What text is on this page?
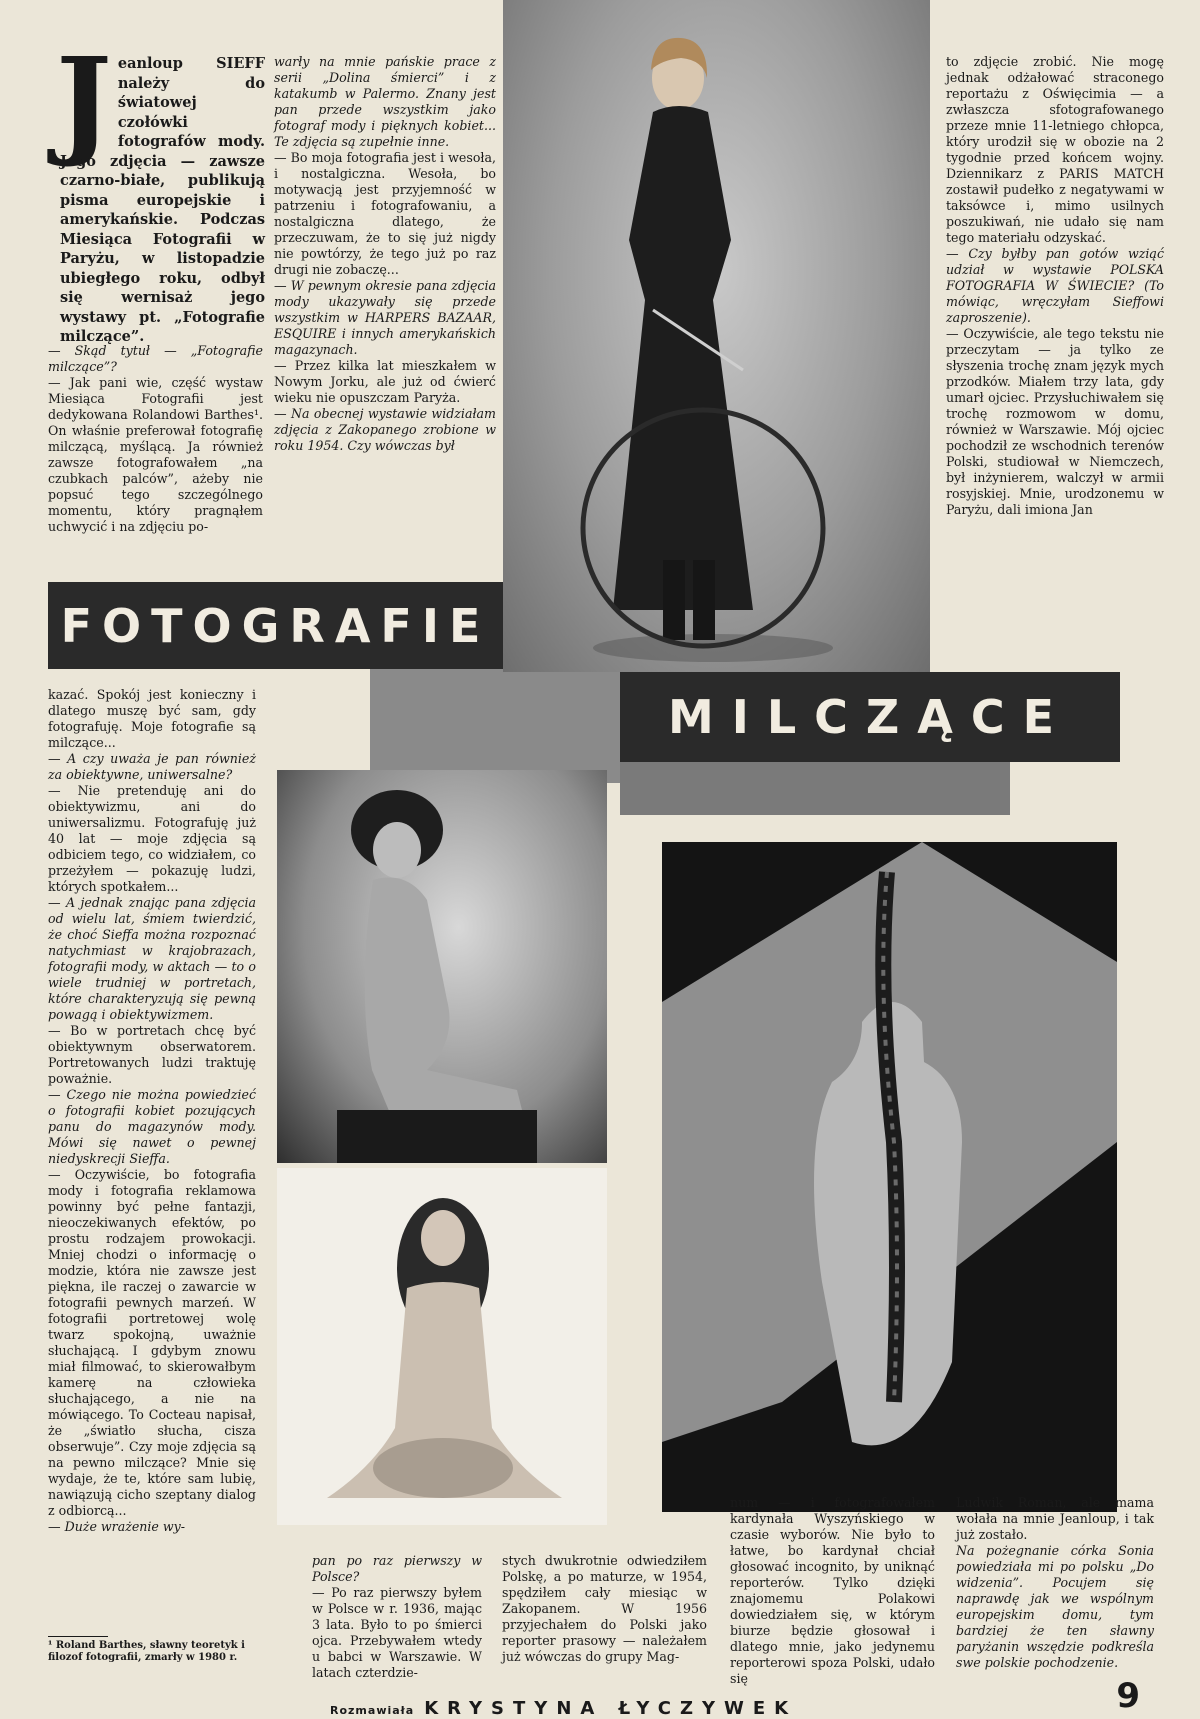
Jeanloup SIEFF należy do światowej czołówki fotografów mody. Jego zdjęcia — zawsze czarno-białe, publikują pisma europejskie i amerykańskie. Podczas Miesiąca Fotografii w Paryżu, w listopadzie ubiegłego roku, odbył się wernisaż jego wystawy pt. „Fotografie milczące”.

— Skąd tytuł — „Fotografie milczące”?

— Jak pani wie, część wystaw Miesiąca Fotografii jest dedykowana Rolandowi Barthes¹. On właśnie preferował fotografię milczącą, myślącą. Ja również zawsze fotografowałem „na czubkach palców”, ażeby nie popsuć tego szczególnego momentu, który pragnąłem uchwycić i na zdjęciu po-

warły na mnie pańskie prace z serii „Dolina śmierci” i z katakumb w Palermo. Znany jest pan przede wszystkim jako fotograf mody i pięknych kobiet... Te zdjęcia są zupełnie inne.

— Bo moja fotografia jest i wesoła, i nostalgiczna. Wesoła, bo motywacją jest przyjemność w patrzeniu i fotografowaniu, a nostalgiczna dlatego, że przeczuwam, że to się już nigdy nie powtórzy, że tego już po raz drugi nie zobaczę...

— W pewnym okresie pana zdjęcia mody ukazywały się przede wszystkim w HARPERS BAZAAR, ESQUIRE i innych amerykańskich magazynach.

— Przez kilka lat mieszkałem w Nowym Jorku, ale już od ćwierć wieku nie opuszczam Paryża.

— Na obecnej wystawie widziałam zdjęcia z Zakopanego zrobione w roku 1954. Czy wówczas był

to zdjęcie zrobić. Nie mogę jednak odżałować straconego reportażu z Oświęcimia — a zwłaszcza sfotografowanego przeze mnie 11-letniego chłopca, który urodził się w obozie na 2 tygodnie przed końcem wojny. Dziennikarz z PARIS MATCH zostawił pudełko z negatywami w taksówce i, mimo usilnych poszukiwań, nie udało się nam tego materiału odzyskać.

— Czy byłby pan gotów wziąć udział w wystawie POLSKA FOTOGRAFIA W ŚWIECIE? (To mówiąc, wręczyłam Sieffowi zaproszenie).

— Oczywiście, ale tego tekstu nie przeczytam — ja tylko ze słyszenia trochę znam język mych przodków. Miałem trzy lata, gdy umarł ojciec. Przysłuchiwałem się trochę rozmowom w domu, również w Warszawie. Mój ojciec pochodził ze wschodnich terenów Polski, studiował w Niemczech, był inżynierem, walczył w armii rosyjskiej. Mnie, urodzonemu w Paryżu, dali imiona Jan

FOTOGRAFIE
MILCZĄCE

kazać. Spokój jest konieczny i dlatego muszę być sam, gdy fotografuję. Moje fotografie są milczące...

— A czy uważa je pan również za obiektywne, uniwersalne?

— Nie pretenduję ani do obiektywizmu, ani do uniwersalizmu. Fotografuję już 40 lat — moje zdjęcia są odbiciem tego, co widziałem, co przeżyłem — pokazuję ludzi, których spotkałem...

— A jednak znając pana zdjęcia od wielu lat, śmiem twierdzić, że choć Sieffa można rozpoznać natychmiast w krajobrazach, fotografii mody, w aktach — to o wiele trudniej w portretach, które charakteryzują się pewną powagą i obiektywizmem.

— Bo w portretach chcę być obiektywnym obserwatorem. Portretowanych ludzi traktuję poważnie.

— Czego nie można powiedzieć o fotografii kobiet pozujących panu do magazynów mody. Mówi się nawet o pewnej niedyskrecji Sieffa.

— Oczywiście, bo fotografia mody i fotografia reklamowa powinny być pełne fantazji, nieoczekiwanych efektów, po prostu rodzajem prowokacji. Mniej chodzi o informację o modzie, która nie zawsze jest piękna, ile raczej o zawarcie w fotografii pewnych marzeń. W fotografii portretowej wolę twarz spokojną, uważnie słuchającą. I gdybym znowu miał filmować, to skierowałbym kamerę na człowieka słuchającego, a nie na mówiącego. To Cocteau napisał, że „światło słucha, cisza obserwuje”. Czy moje zdjęcia są na pewno milczące? Mnie się wydaje, że te, które sam lubię, nawiązują cicho szeptany dialog z odbiorcą...

— Duże wrażenie wy-

¹ Roland Barthes, sławny teoretyk i filozof fotografii, zmarły w 1980 r.

pan po raz pierwszy w Polsce?

— Po raz pierwszy byłem w Polsce w r. 1936, mając 3 lata. Było to po śmierci ojca. Przebywałem wtedy u babci w Warszawie. W latach czterdzie-

stych dwukrotnie odwiedziłem Polskę, a po maturze, w 1954, spędziłem cały miesiąc w Zakopanem. W 1956 przyjechałem do Polski jako reporter prasowy — należałem już wówczas do grupy Mag-

num — i fotografowałem kardynała Wyszyńskiego w czasie wyborów. Nie było to łatwe, bo kardynał chciał głosować incognito, by uniknąć reporterów. Tylko dzięki znajomemu Polakowi dowiedziałem się, w którym biurze będzie głosował i dlatego mnie, jako jedynemu reporterowi spoza Polski, udało się

Ludwik Roman, ale mama wołała na mnie Jeanloup, i tak już zostało.

Na pożegnanie córka Sonia powiedziała mi po polsku „Do widzenia”. Pocujem się naprawdę jak we wspólnym europejskim domu, tym bardziej że ten sławny paryżanin wszędzie podkreśla swe polskie pochodzenie.

Rozmawiała KRYSTYNA ŁYCZYWEK	9
